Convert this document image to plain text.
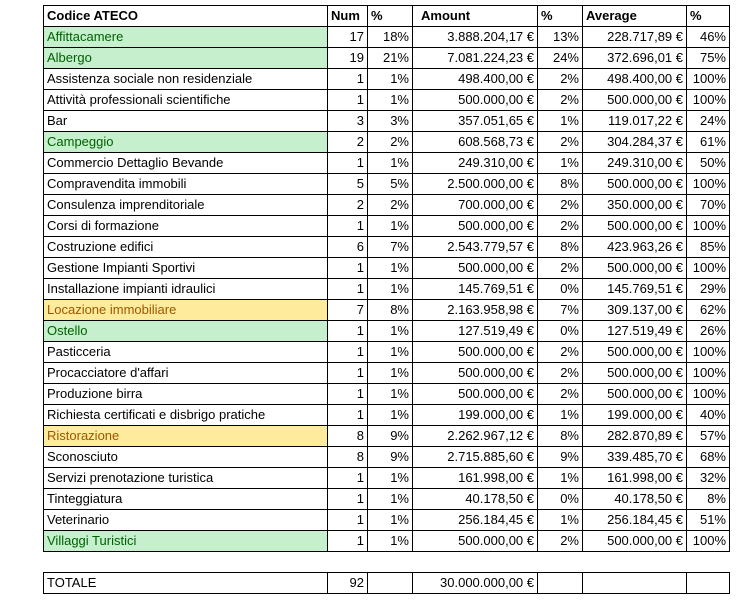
Codice ATECO	Num	%	Amount	%	Average	%
Affittacamere	17	18%	3.888.204,17 €	13%	228.717,89 €	46%
Albergo	19	21%	7.081.224,23 €	24%	372.696,01 €	75%
Assistenza sociale non residenziale	1	1%	498.400,00 €	2%	498.400,00 €	100%
Attività professionali scientifiche	1	1%	500.000,00 €	2%	500.000,00 €	100%
Bar	3	3%	357.051,65 €	1%	119.017,22 €	24%
Campeggio	2	2%	608.568,73 €	2%	304.284,37 €	61%
Commercio Dettaglio Bevande	1	1%	249.310,00 €	1%	249.310,00 €	50%
Compravendita immobili	5	5%	2.500.000,00 €	8%	500.000,00 €	100%
Consulenza imprenditoriale	2	2%	700.000,00 €	2%	350.000,00 €	70%
Corsi di formazione	1	1%	500.000,00 €	2%	500.000,00 €	100%
Costruzione edifici	6	7%	2.543.779,57 €	8%	423.963,26 €	85%
Gestione Impianti Sportivi	1	1%	500.000,00 €	2%	500.000,00 €	100%
Installazione impianti idraulici	1	1%	145.769,51 €	0%	145.769,51 €	29%
Locazione immobiliare	7	8%	2.163.958,98 €	7%	309.137,00 €	62%
Ostello	1	1%	127.519,49 €	0%	127.519,49 €	26%
Pasticceria	1	1%	500.000,00 €	2%	500.000,00 €	100%
Procacciatore d'affari	1	1%	500.000,00 €	2%	500.000,00 €	100%
Produzione birra	1	1%	500.000,00 €	2%	500.000,00 €	100%
Richiesta certificati e disbrigo pratiche	1	1%	199.000,00 €	1%	199.000,00 €	40%
Ristorazione	8	9%	2.262.967,12 €	8%	282.870,89 €	57%
Sconosciuto	8	9%	2.715.885,60 €	9%	339.485,70 €	68%
Servizi prenotazione turistica	1	1%	161.998,00 €	1%	161.998,00 €	32%
Tinteggiatura	1	1%	40.178,50 €	0%	40.178,50 €	8%
Veterinario	1	1%	256.184,45 €	1%	256.184,45 €	51%
Villaggi Turistici	1	1%	500.000,00 €	2%	500.000,00 €	100%

TOTALE	92		30.000.000,00 €			
